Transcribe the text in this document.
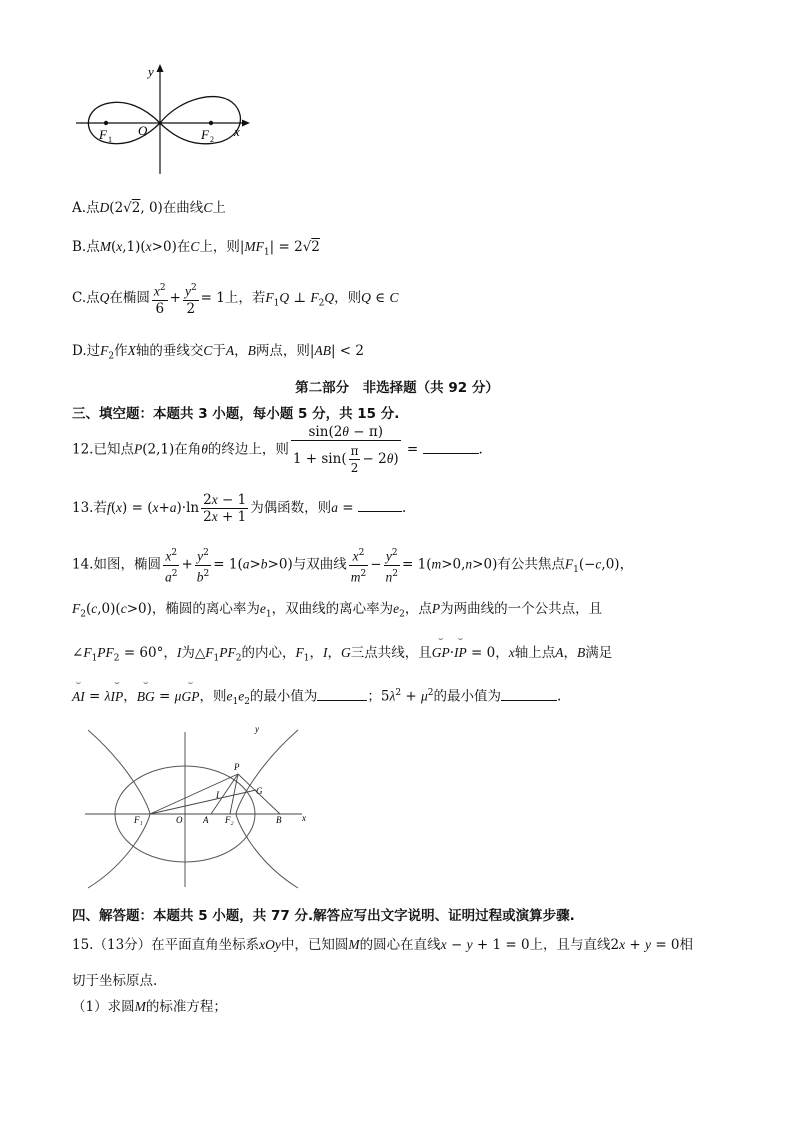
x
y
O
F 1	F 2
A.点D(2√2, 0)在曲线C上
B.点M(x,1)(x>0)在C上，则$|MF_1| = 2√2$
C.点Q在椭圆 $\frac{x^2}{6} + \frac{y^2}{2} = 1$上，若$F_1Q$ ⊥ $F_2Q$，则Q ∈ C
D.过$F_2$作X轴的垂线交C于A，B两点，则|AB| < 2
第二部分　非选择题（共 92 分）
三、填空题：本题共 3 小题，每小题 5 分，共 15 分.
12.已知点P(2,1)在角θ的终边上，则 $\frac{\sin(2\theta - \pi)}{1 + \sin( \frac{\pi}{2} - 2\theta)}$ =	.
13.若$f(x) = (x+a)\cdot\ln \frac{2x - 1}{2x + 1}$ 为偶函数，则a =	.
14.如图，椭圆 $\frac{x^2}{a^2} + \frac{y^2}{b^2} = 1(a>b>0)$与双曲线 $\frac{x^2}{m^2} - \frac{y^2}{n^2} = 1(m>0,n>0)$有公共焦点$F_1(-c,0)$，
$F_2(c,0)(c>0)$，椭圆的离心率为$e_1$，双曲线的离心率为$e_2$，点P为两曲线的一个公共点，且
$\angle F_1PF_2 = 60^\circ$，I为$\triangle F_1PF_2$的内心，$F_1$，I，G三点共线，且⌣ GP·⌣ IP = 0，x轴上点A，B满足
⌣ AI = λ⌣ IP，⌣ BG = μ⌣ GP，则$e_1e_2$的最小值为	；$5\lambda^2 + \mu^2$的最小值为	.
y
x
O
F₁	F₂
A	B
P
I	G
四、解答题：本题共 5 小题，共 77 分.解答应写出文字说明、证明过程或演算步骤.
15.（13分）在平面直角坐标系xOy中，已知圆M的圆心在直线x − y + 1 = 0上，且与直线2x + y = 0相
切于坐标原点.
（1）求圆M的标准方程；
